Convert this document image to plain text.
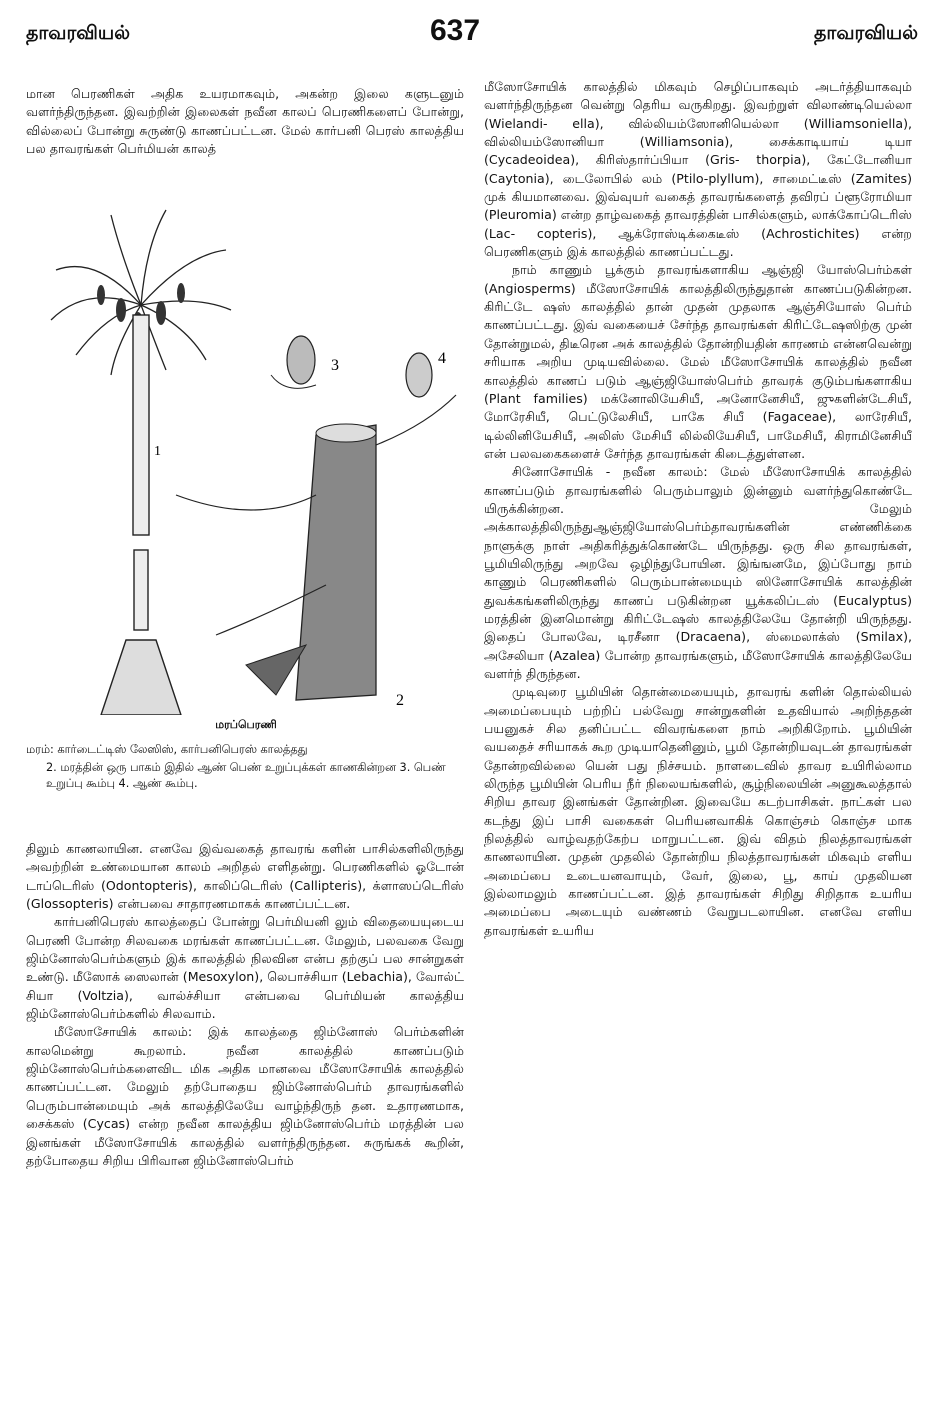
தாவரவியல்	637	தாவரவியல்

மான பெரணிகள் அதிக உயரமாகவும், அகன்ற இலை களுடனும் வளர்ந்திருந்தன. இவற்றின் இலைகள் நவீன காலப் பெரணிகளைப் போன்று, வில்லைப் போன்று சுருண்டு காணப்பட்டன. மேல் கார்பனி பெரஸ் காலத்திய பல தாவரங்கள் பெர்மியன் காலத்

1
3	4
2
மரப்பெரணி

மரம்: கார்டைட்டிஸ் லேஸிஸ், கார்பனிபெரஸ் காலத்தது

2. மரத்தின் ஒரு பாகம் இதில் ஆண் பெண் உறுப்புக்கள் காணகின்றன 3. பெண் உறுப்பு கூம்பு 4. ஆண் கூம்பு.

திலும் காணலாயின. எனவே இவ்வகைத் தாவரங் களின் பாசில்களிலிருந்து அவற்றின் உண்மையான காலம் அறிதல் எளிதன்று. பெரணிகளில் ஓடோன் டாப்டெரிஸ் (Odontopteris), காலிப்டெரிஸ் (Callipteris), க்ளாஸப்டெரிஸ் (Glossopteris) என்பவை சாதாரணமாகக் காணப்பட்டன.

கார்பனிபெரஸ் காலத்தைப் போன்று பெர்மியனி லும் விதையையுடைய பெரணி போன்ற சிலவகை மரங்கள் காணப்பட்டன. மேலும், பலவகை வேறு ஜிம்னோஸ்பெர்ம்களும் இக் காலத்தில் நிலவின என்ப தற்குப் பல சான்றுகள் உண்டு. மீஸோக் ஸைலான் (Mesoxylon), லெபாச்சியா (Lebachia), வோல்ட் சியா (Voltzia), வால்ச்சியா என்பவை பெர்மியன் காலத்திய ஜிம்னோஸ்பெர்ம்களில் சிலவாம்.

மீஸோசோயிக் காலம்: இக் காலத்தை ஜிம்னோஸ் பெர்ம்களின் காலமென்று கூறலாம். நவீன காலத்தில் காணப்படும் ஜிம்னோஸ்பெர்ம்களைவிட மிக அதிக மானவை மீஸோசோயிக் காலத்தில் காணப்பட்டன. மேலும் தற்போதைய ஜிம்னோஸ்பெர்ம் தாவரங்களில் பெரும்பான்மையும் அக் காலத்திலேயே வாழ்ந்திருந் தன. உதாரணமாக, சைக்கஸ் (Cycas) என்ற நவீன காலத்திய ஜிம்னோஸ்பெர்ம் மரத்தின் பல இனங்கள் மீஸோசோயிக் காலத்தில் வளர்ந்திருந்தன. சுருங்கக் கூறின், தற்போதைய சிறிய பிரிவான ஜிம்னோஸ்பெர்ம்

மீஸோசோயிக் காலத்தில் மிகவும் செழிப்பாகவும் அடர்த்தியாகவும் வளர்ந்திருந்தன வென்று தெரிய வருகிறது. இவற்றுள் விலாண்டியெல்லா (Wielandi- ella), வில்லியம்ஸோனியெல்லா (Williamsoniella), வில்லியம்ஸோனியா (Williamsonia), சைக்காடியாய் டியா (Cycadeoidea), கிரிஸ்தார்ப்பியா (Gris- thorpia), கேட்டோனியா (Caytonia), டைலோபில் லம் (Ptilo-plyllum), சாமைட்டீஸ் (Zamites) முக் கியமானவை. இவ்வுயர் வகைத் தாவரங்களைத் தவிரப் ப்ளூரோமியா (Pleuromia) என்ற தாழ்வகைத் தாவரத்தின் பாசில்களும், லாக்கோப்டெரிஸ் (Lac- copteris), ஆக்ரோஸ்டிக்கைடீஸ் (Achrostichites) என்ற பெரணிகளும் இக் காலத்தில் காணப்பட்டது.

நாம் காணும் பூக்கும் தாவரங்களாகிய ஆஞ்ஜி யோஸ்பெர்ம்கள் (Angiosperms) மீஸோசோயிக் காலத்திலிருந்துதான் காணப்படுகின்றன. கிரிட்டே ஷஸ் காலத்தில் தான் முதன் முதலாக ஆஞ்சியோஸ் பெர்ம் காணப்பட்டது. இவ் வகையைச் சேர்ந்த தாவரங்கள் கிரிட்டேஷஸிற்கு முன் தோன்றுமல், திடீரென அக் காலத்தில் தோன்றியதின் காரணம் என்னவென்று சரியாக அறிய முடியவில்லை. மேல் மீஸோசோயிக் காலத்தில் நவீன காலத்தில் காணப் படும் ஆஞ்ஜியோஸ்பெர்ம் தாவரக் குடும்பங்களாகிய (Plant families) மக்னோலியேசியீ, அனோனேசியீ, ஜுகளின்டேசியீ, மோரேசியீ, பெட்டுலேசியீ, பாகே சியீ (Fagaceae), லாரேசியீ, டில்லினியேசியீ, அலிஸ் மேசியீ லில்லியேசியீ, பாமேசியீ, கிராமினேசியீ என் பலவகைகளைச் சேர்ந்த தாவரங்கள் கிடைத்துள்ளன.

சினோசோயிக் - நவீன காலம்: மேல் மீஸோசோயிக் காலத்தில் காணப்படும் தாவரங்களில் பெரும்பாலும் இன்னும் வளர்ந்துகொண்டே யிருக்கின்றன. மேலும் அக்காலத்திலிருந்துஆஞ்ஜியோஸ்பெர்ம்தாவரங்களின் எண்ணிக்கை நாளுக்கு நாள் அதிகரித்துக்கொண்டே யிருந்தது. ஒரு சில தாவரங்கள், பூமியிலிருந்து அறவே ஒழிந்துபோயின. இங்ஙனமே, இப்போது நாம் காணும் பெரணிகளில் பெரும்பான்மையும் ஸினோசோயிக் காலத்தின் துவக்கங்களிலிருந்து காணப் படுகின்றன யூக்கலிப்டஸ் (Eucalyptus) மரத்தின் இனமொன்று கிரிட்டேஷஸ் காலத்திலேயே தோன்றி யிருந்தது. இதைப் போலவே, டிரசீனா (Dracaena), ஸ்மைலாக்ஸ் (Smilax), அசேலியா (Azalea) போன்ற தாவரங்களும், மீஸோசோயிக் காலத்திலேயே வளர்ந் திருந்தன.

முடிவுரை பூமியின் தொன்மையையும், தாவரங் களின் தொல்லியல் அமைப்பையும் பற்றிப் பல்வேறு சான்றுகளின் உதவியால் அறிந்ததன் பயனுகச் சில தனிப்பட்ட விவரங்களை நாம் அறிகிறோம். பூமியின் வயதைச் சரியாகக் கூற முடியாதெனினும், பூமி தோன்றியவுடன் தாவரங்கள் தோன்றவில்லை யென் பது நிச்சயம். நாளடைவில் தாவர உயிரில்லாம லிருந்த பூமியின் பெரிய நீர் நிலையங்களில், சூழ்நிலையின் அனுகூலத்தால் சிறிய தாவர இனங்கள் தோன்றின. இவையே கடற்பாசிகள். நாட்கள் பல கடந்து இப் பாசி வகைகள் பெரியனவாகிக் கொஞ்சம் கொஞ்ச மாக நிலத்தில் வாழ்வதற்கேற்ப மாறுபட்டன. இவ் விதம் நிலத்தாவரங்கள் காணலாயின. முதன் முதலில் தோன்றிய நிலத்தாவரங்கள் மிகவும் எளிய அமைப்பை உடையனவாயும், வேர், இலை, பூ, காய் முதலியன இல்லாமலும் காணப்பட்டன. இத் தாவரங்கள் சிறிது சிறிதாக உயரிய அமைப்பை அடையும் வண்ணம் வேறுபடலாயின. எனவே எளிய தாவரங்கள் உயரிய
